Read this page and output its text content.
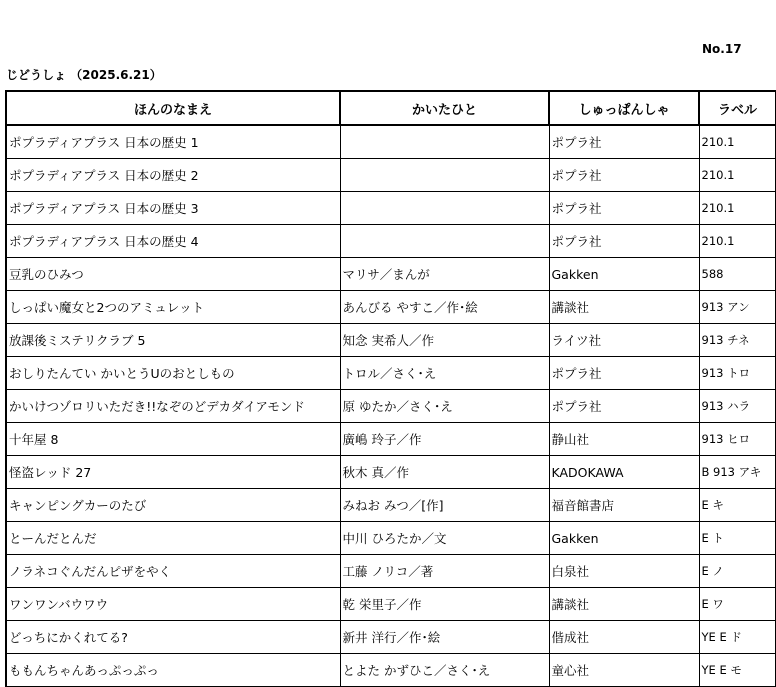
No.17
じどうしょ （2025.6.21）
ほんのなまえ	かいたひと	しゅっぱんしゃ	ラベル
ポプラディアプラス 日本の歴史 1		ポプラ社	210.1
ポプラディアプラス 日本の歴史 2		ポプラ社	210.1
ポプラディアプラス 日本の歴史 3		ポプラ社	210.1
ポプラディアプラス 日本の歴史 4		ポプラ社	210.1
豆乳のひみつ	マリサ／まんが	Gakken	588
しっぱい魔女と2つのアミュレット	あんびる やすこ／作･絵	講談社	913 アン
放課後ミステリクラブ 5	知念 実希人／作	ライツ社	913 チネ
おしりたんてい かいとうUのおとしもの	トロル／さく･え	ポプラ社	913 トロ
かいけつゾロリいただき!!なぞのどデカダイアモンド	原 ゆたか／さく･え	ポプラ社	913 ハラ
十年屋 8	廣嶋 玲子／作	静山社	913 ヒロ
怪盗レッド 27	秋木 真／作	KADOKAWA	B 913 アキ
キャンピングカーのたび	みねお みつ／[作]	福音館書店	E キ
とーんだとんだ	中川 ひろたか／文	Gakken	E ト
ノラネコぐんだんピザをやく	工藤 ノリコ／著	白泉社	E ノ
ワンワンバウワウ	乾 栄里子／作	講談社	E ワ
どっちにかくれてる?	新井 洋行／作･絵	偕成社	YE E ド
ももんちゃんあっぷっぷっ	とよた かずひこ／さく･え	童心社	YE E モ
